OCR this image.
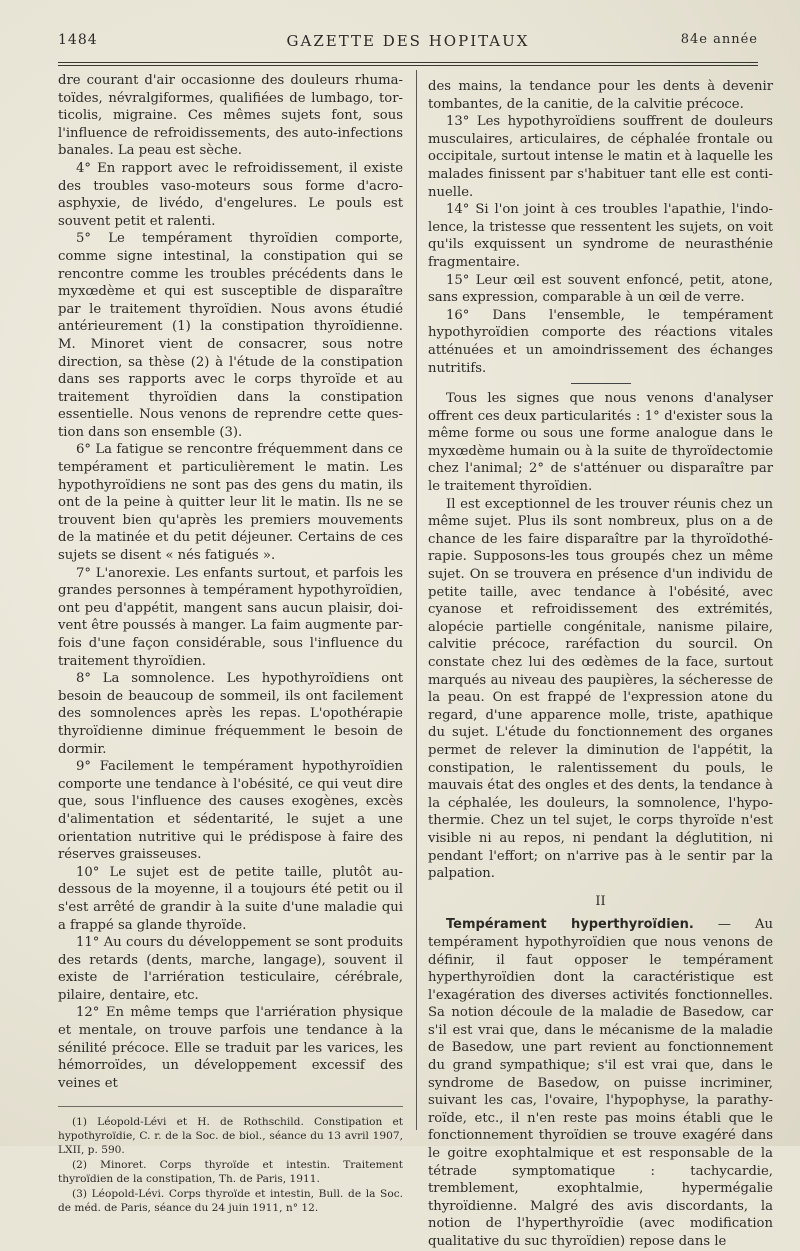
1484	GAZETTE DES HOPITAUX	84e année

dre courant d'air occasionne des douleurs rhumatoïdes, névralgiformes, qualifiées de lumbago, torticolis, migraine. Ces mêmes sujets font, sous l'influence de refroidissements, des auto-infections banales. La peau est sèche.

4° En rapport avec le refroidissement, il existe des troubles vaso-moteurs sous forme d'acro-asphyxie, de livédo, d'engelures. Le pouls est souvent petit et ralenti.

5° Le tempérament thyroïdien comporte, comme signe intestinal, la constipation qui se rencontre comme les troubles précédents dans le myxœdème et qui est susceptible de disparaître par le traitement thyroïdien. Nous avons étudié antérieurement (1) la constipation thyroïdienne. M. Minoret vient de consacrer, sous notre direction, sa thèse (2) à l'étude de la constipation dans ses rapports avec le corps thyroïde et au traitement thyroïdien dans la constipation essentielle. Nous venons de reprendre cette question dans son ensemble (3).

6° La fatigue se rencontre fréquemment dans ce tempérament et particulièrement le matin. Les hypothyroïdiens ne sont pas des gens du matin, ils ont de la peine à quitter leur lit le matin. Ils ne se trouvent bien qu'après les premiers mouvements de la matinée et du petit déjeuner. Certains de ces sujets se disent « nés fatigués ».

7° L'anorexie. Les enfants surtout, et parfois les grandes personnes à tempérament hypothyroïdien, ont peu d'appétit, mangent sans aucun plaisir, doivent être poussés à manger. La faim augmente parfois d'une façon considérable, sous l'influence du traitement thyroïdien.

8° La somnolence. Les hypothyroïdiens ont besoin de beaucoup de sommeil, ils ont facilement des somnolences après les repas. L'opothérapie thyroïdienne diminue fréquemment le besoin de dormir.

9° Facilement le tempérament hypothyroïdien comporte une tendance à l'obésité, ce qui veut dire que, sous l'influence des causes exogènes, excès d'alimentation et sédentarité, le sujet a une orientation nutritive qui le prédispose à faire des réserves graisseuses.

10° Le sujet est de petite taille, plutôt au-dessous de la moyenne, il a toujours été petit ou il s'est arrêté de grandir à la suite d'une maladie qui a frappé sa glande thyroïde.

11° Au cours du développement se sont produits des retards (dents, marche, langage), souvent il existe de l'arriération testiculaire, cérébrale, pilaire, dentaire, etc.

12° En même temps que l'arriération physique et mentale, on trouve parfois une tendance à la sénilité précoce. Elle se traduit par les varices, les hémorroïdes, un développement excessif des veines et

(1) Léopold-Lévi et H. de Rothschild. Constipation et hypothyroïdie, C. r. de la Soc. de biol., séance du 13 avril 1907, LXII, p. 590.

(2) Minoret. Corps thyroïde et intestin. Traitement thyroïdien de la constipation, Th. de Paris, 1911.

(3) Léopold-Lévi. Corps thyroïde et intestin, Bull. de la Soc. de méd. de Paris, séance du 24 juin 1911, n° 12.

des mains, la tendance pour les dents à devenir tombantes, de la canitie, de la calvitie précoce.

13° Les hypothyroïdiens souffrent de douleurs musculaires, articulaires, de céphalée frontale ou occipitale, surtout intense le matin et à laquelle les malades finissent par s'habituer tant elle est continuelle.

14° Si l'on joint à ces troubles l'apathie, l'indolence, la tristesse que ressentent les sujets, on voit qu'ils exquissent un syndrome de neurasthénie fragmentaire.

15° Leur œil est souvent enfoncé, petit, atone, sans expression, comparable à un œil de verre.

16° Dans l'ensemble, le tempérament hypothyroïdien comporte des réactions vitales atténuées et un amoindrissement des échanges nutritifs.

Tous les signes que nous venons d'analyser offrent ces deux particularités : 1° d'exister sous la même forme ou sous une forme analogue dans le myxœdème humain ou à la suite de thyroïdectomie chez l'animal; 2° de s'atténuer ou disparaître par le traitement thyroïdien.

Il est exceptionnel de les trouver réunis chez un même sujet. Plus ils sont nombreux, plus on a de chance de les faire disparaître par la thyroïdothérapie. Supposons-les tous groupés chez un même sujet. On se trouvera en présence d'un individu de petite taille, avec tendance à l'obésité, avec cyanose et refroidissement des extrémités, alopécie partielle congénitale, nanisme pilaire, calvitie précoce, raréfaction du sourcil. On constate chez lui des œdèmes de la face, surtout marqués au niveau des paupières, la sécheresse de la peau. On est frappé de l'expression atone du regard, d'une apparence molle, triste, apathique du sujet. L'étude du fonctionnement des organes permet de relever la diminution de l'appétit, la constipation, le ralentissement du pouls, le mauvais état des ongles et des dents, la tendance à la céphalée, les douleurs, la somnolence, l'hypothermie. Chez un tel sujet, le corps thyroïde n'est visible ni au repos, ni pendant la déglutition, ni pendant l'effort; on n'arrive pas à le sentir par la palpation.

II

Tempérament hyperthyroïdien. — Au tempérament hypothyroïdien que nous venons de définir, il faut opposer le tempérament hyperthyroïdien dont la caractéristique est l'exagération des diverses activités fonctionnelles. Sa notion découle de la maladie de Basedow, car s'il est vrai que, dans le mécanisme de la maladie de Basedow, une part revient au fonctionnement du grand sympathique; s'il est vrai que, dans le syndrome de Basedow, on puisse incriminer, suivant les cas, l'ovaire, l'hypophyse, la parathyroïde, etc., il n'en reste pas moins établi que le fonctionnement thyroïdien se trouve exagéré dans le goitre exophtalmique et est responsable de la tétrade symptomatique : tachycardie, tremblement, exophtalmie, hypermégalie thyroïdienne. Malgré des avis discordants, la notion de l'hyperthyroïdie (avec modification qualitative du suc thyroïdien) repose dans le
